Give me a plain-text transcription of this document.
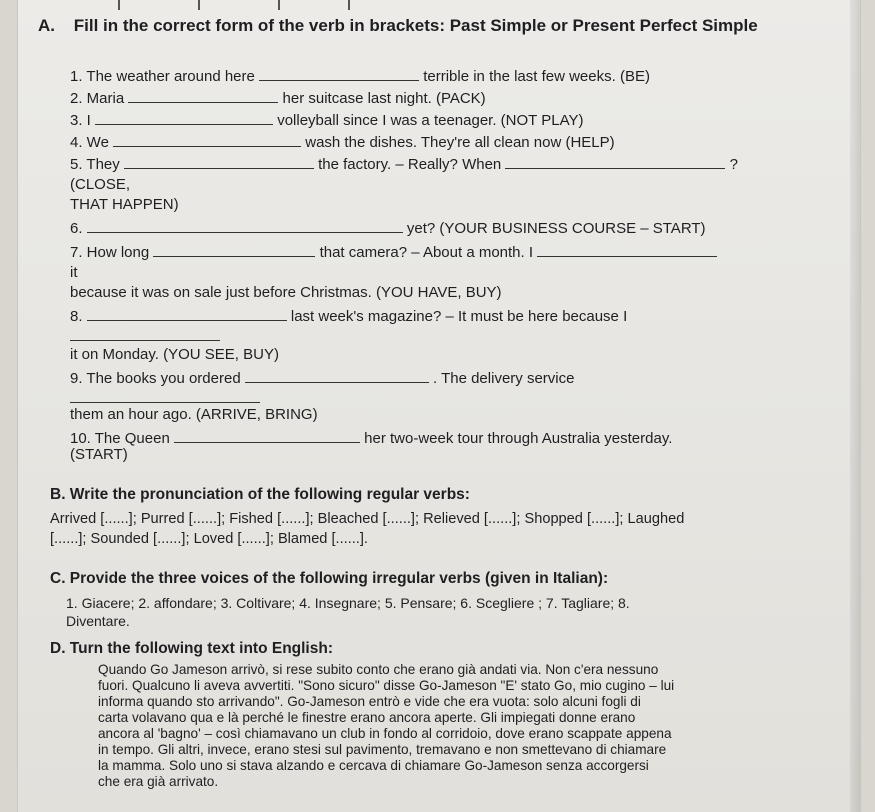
A. Fill in the correct form of the verb in brackets: Past Simple or Present Perfect Simple
1. The weather around here	terrible in the last few weeks. (BE)
2. Maria	her suitcase last night. (PACK)
3. I	volleyball since I was a teenager. (NOT PLAY)
4. We	wash the dishes. They're all clean now (HELP)
5. They	the factory. – Really? When	?
(CLOSE,
THAT HAPPEN)
6.	yet? (YOUR BUSINESS COURSE – START)
7. How long	that camera? – About a month. I
it
because it was on sale just before Christmas. (YOU HAVE, BUY)
8.	last week's magazine? – It must be here because I
it on Monday. (YOU SEE, BUY)
9. The books you ordered	. The delivery service
them an hour ago. (ARRIVE, BRING)
10. The Queen	her two-week tour through Australia yesterday.
(START)
B. Write the pronunciation of the following regular verbs:
Arrived [......]; Purred [......]; Fished [......]; Bleached [......]; Relieved [......]; Shopped [......]; Laughed
[......]; Sounded [......]; Loved [......]; Blamed [......].
C. Provide the three voices of the following irregular verbs (given in Italian):
1. Giacere; 2. affondare; 3. Coltivare; 4. Insegnare; 5. Pensare; 6. Scegliere ; 7. Tagliare; 8.
Diventare.
D. Turn the following text into English:
Quando Go Jameson arrivò, si rese subito conto che erano già andati via. Non c'era nessuno
fuori. Qualcuno li aveva avvertiti. "Sono sicuro" disse Go-Jameson "E' stato Go, mio cugino – lui
informa quando sto arrivando". Go-Jameson entrò e vide che era vuota: solo alcuni fogli di
carta volavano qua e là perché le finestre erano ancora aperte. Gli impiegati donne erano
ancora al 'bagno' – così chiamavano un club in fondo al corridoio, dove erano scappate appena
in tempo. Gli altri, invece, erano stesi sul pavimento, tremavano e non smettevano di chiamare
la mamma. Solo uno si stava alzando e cercava di chiamare Go-Jameson senza accorgersi
che era già arrivato.
